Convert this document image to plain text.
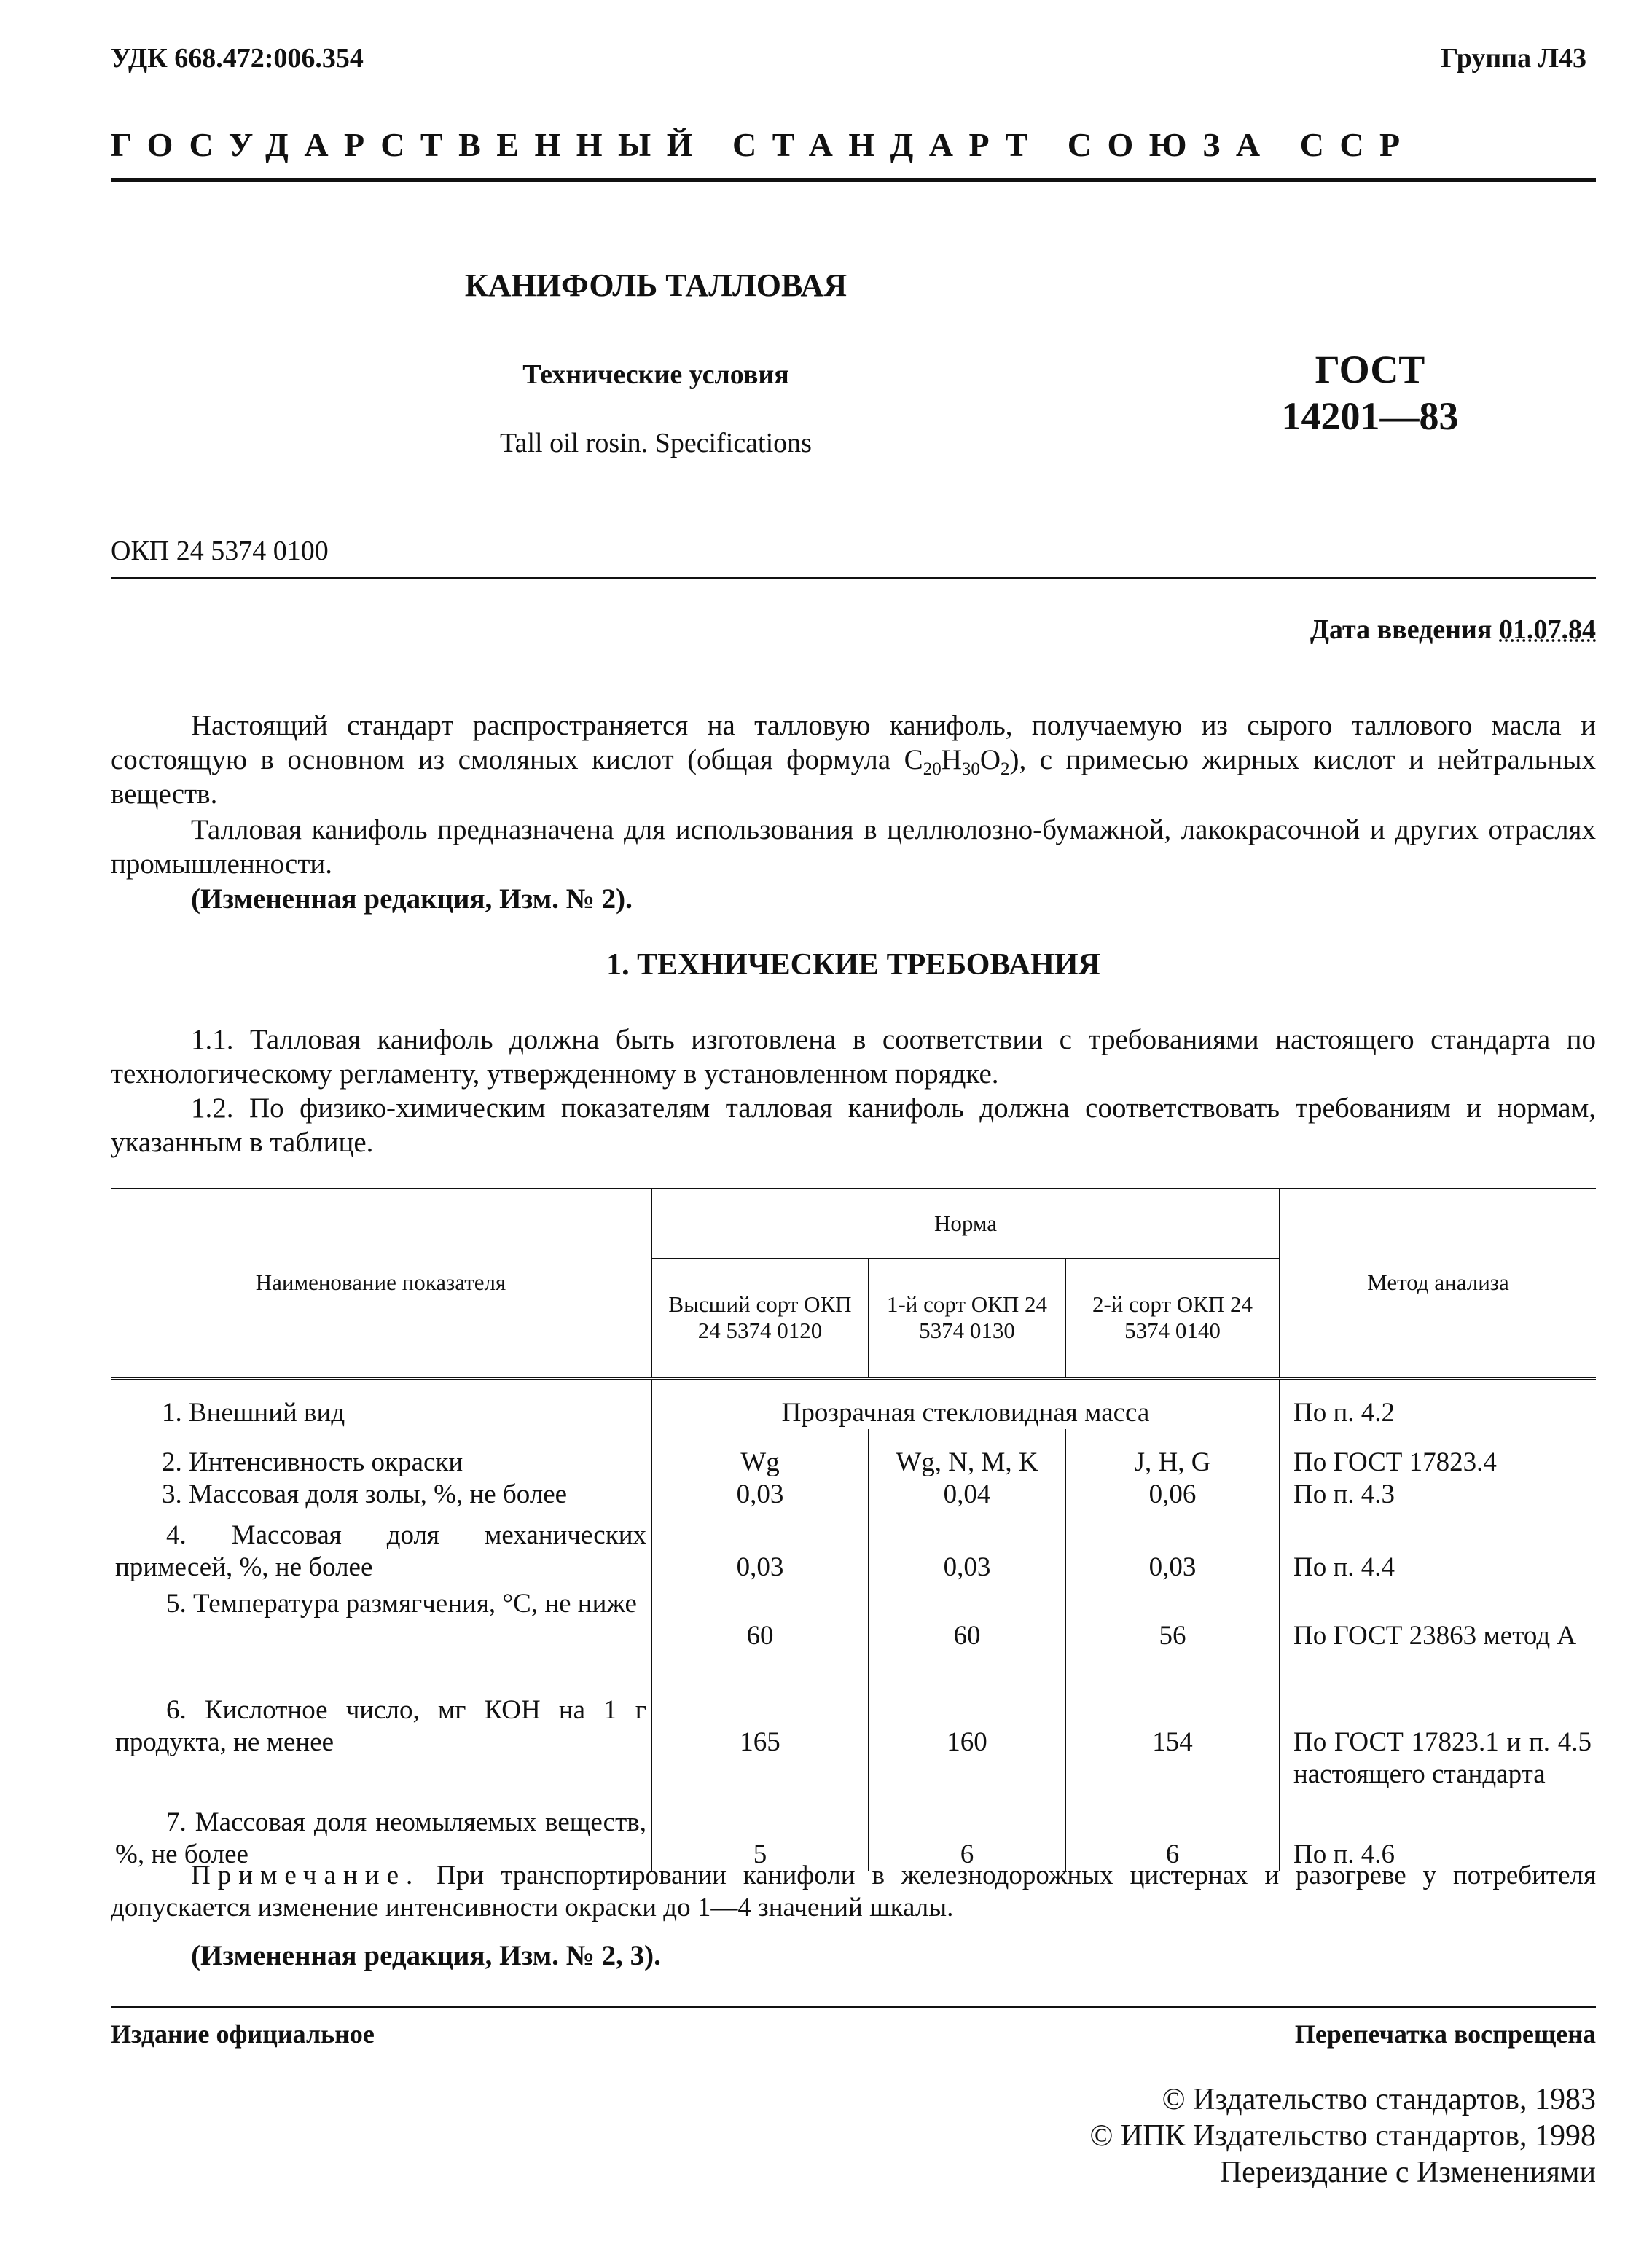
УДК 668.472:006.354	Группа Л43
ГОСУДАРСТВЕННЫЙ СТАНДАРТ СОЮЗА ССР
КАНИФОЛЬ ТАЛЛОВАЯ
Технические условия
Tall oil rosin. Specifications
ГОСТ
14201—83
ОКП 24 5374 0100
Дата введения 01.07.84
Настоящий стандарт распространяется на талловую канифоль, получаемую из сырого таллового масла и состоящую в основном из смоляных кислот (общая формула $C_{20}H_{30}O_2$), с примесью жирных кислот и нейтральных веществ.
Талловая канифоль предназначена для использования в целлюлозно-бумажной, лакокрасочной и других отраслях промышленности.
(Измененная редакция, Изм. № 2).
1. ТЕХНИЧЕСКИЕ ТРЕБОВАНИЯ
1.1. Талловая канифоль должна быть изготовлена в соответствии с требованиями настоящего стандарта по технологическому регламенту, утвержденному в установленном порядке.
1.2. По физико-химическим показателям талловая канифоль должна соответствовать требованиям и нормам, указанным в таблице.
Наименование показателя	Норма			Метод анализа
	Высший сорт ОКП 24 5374 0120	1-й сорт ОКП 24 5374 0130	2-й сорт ОКП 24 5374 0140	
1. Внешний вид	Прозрачная стекловидная масса			По п. 4.2
2. Интенсивность окраски	Wg	Wg, N, M, K	J, H, G	По ГОСТ 17823.4
3. Массовая доля золы, %, не более	0,03	0,04	0,06	По п. 4.3
4. Массовая доля механических примесей, %, не более	0,03	0,03	0,03	По п. 4.4
5. Температура размягчения, °С, не ниже	60	60	56	По ГОСТ 23863 метод А
6. Кислотное число, мг КОН на 1 г продукта, не менее	165	160	154	По ГОСТ 17823.1 и п. 4.5 настоящего стандарта
7. Массовая доля неомыляемых веществ, %, не более	5	6	6	По п. 4.6
Примечание. При транспортировании канифоли в железнодорожных цистернах и разогреве у потребителя допускается изменение интенсивности окраски до 1—4 значений шкалы.
(Измененная редакция, Изм. № 2, 3).
Издание официальное	Перепечатка воспрещена
© Издательство стандартов, 1983
© ИПК Издательство стандартов, 1998
Переиздание с Изменениями
